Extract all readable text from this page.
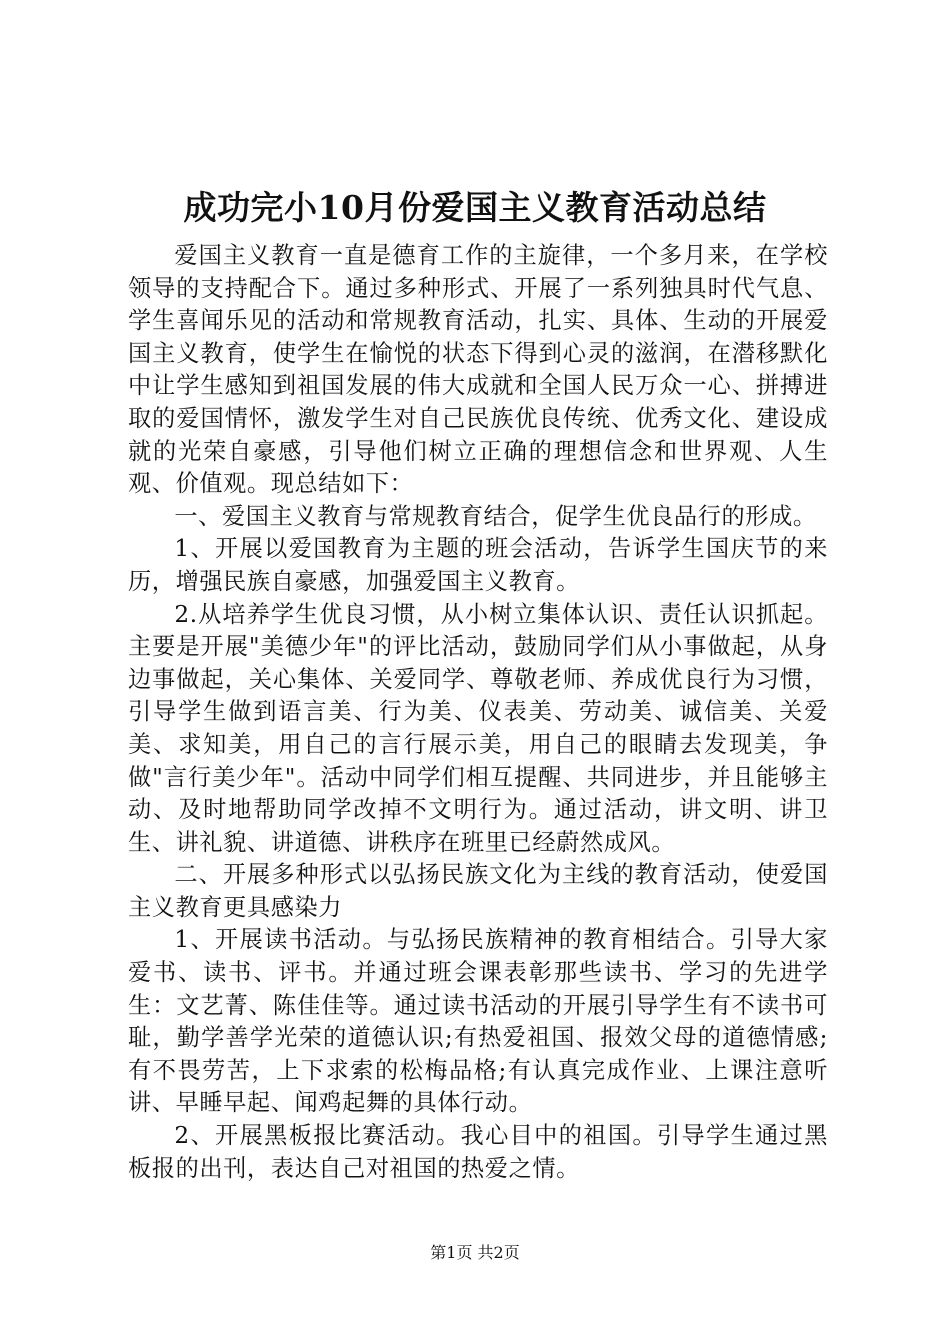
成功完小10月份爱国主义教育活动总结

爱国主义教育一直是德育工作的主旋律，一个多月来，在学校领导的支持配合下。通过多种形式、开展了一系列独具时代气息、学生喜闻乐见的活动和常规教育活动，扎实、具体、生动的开展爱国主义教育，使学生在愉悦的状态下得到心灵的滋润，在潜移默化中让学生感知到祖国发展的伟大成就和全国人民万众一心、拼搏进取的爱国情怀，激发学生对自己民族优良传统、优秀文化、建设成就的光荣自豪感，引导他们树立正确的理想信念和世界观、人生观、价值观。现总结如下：

一、爱国主义教育与常规教育结合，促学生优良品行的形成。

1、开展以爱国教育为主题的班会活动，告诉学生国庆节的来历，增强民族自豪感，加强爱国主义教育。

2.从培养学生优良习惯，从小树立集体认识、责任认识抓起。主要是开展"美德少年"的评比活动，鼓励同学们从小事做起，从身边事做起，关心集体、关爱同学、尊敬老师、养成优良行为习惯，引导学生做到语言美、行为美、仪表美、劳动美、诚信美、关爱美、求知美，用自己的言行展示美，用自己的眼睛去发现美，争做"言行美少年"。活动中同学们相互提醒、共同进步，并且能够主动、及时地帮助同学改掉不文明行为。通过活动，讲文明、讲卫生、讲礼貌、讲道德、讲秩序在班里已经蔚然成风。

二、开展多种形式以弘扬民族文化为主线的教育活动，使爱国主义教育更具感染力

1、开展读书活动。与弘扬民族精神的教育相结合。引导大家爱书、读书、评书。并通过班会课表彰那些读书、学习的先进学生：文艺菁、陈佳佳等。通过读书活动的开展引导学生有不读书可耻，勤学善学光荣的道德认识;有热爱祖国、报效父母的道德情感;有不畏劳苦，上下求索的松梅品格;有认真完成作业、上课注意听讲、早睡早起、闻鸡起舞的具体行动。

2、开展黑板报比赛活动。我心目中的祖国。引导学生通过黑板报的出刊，表达自己对祖国的热爱之情。

第1页 共2页
